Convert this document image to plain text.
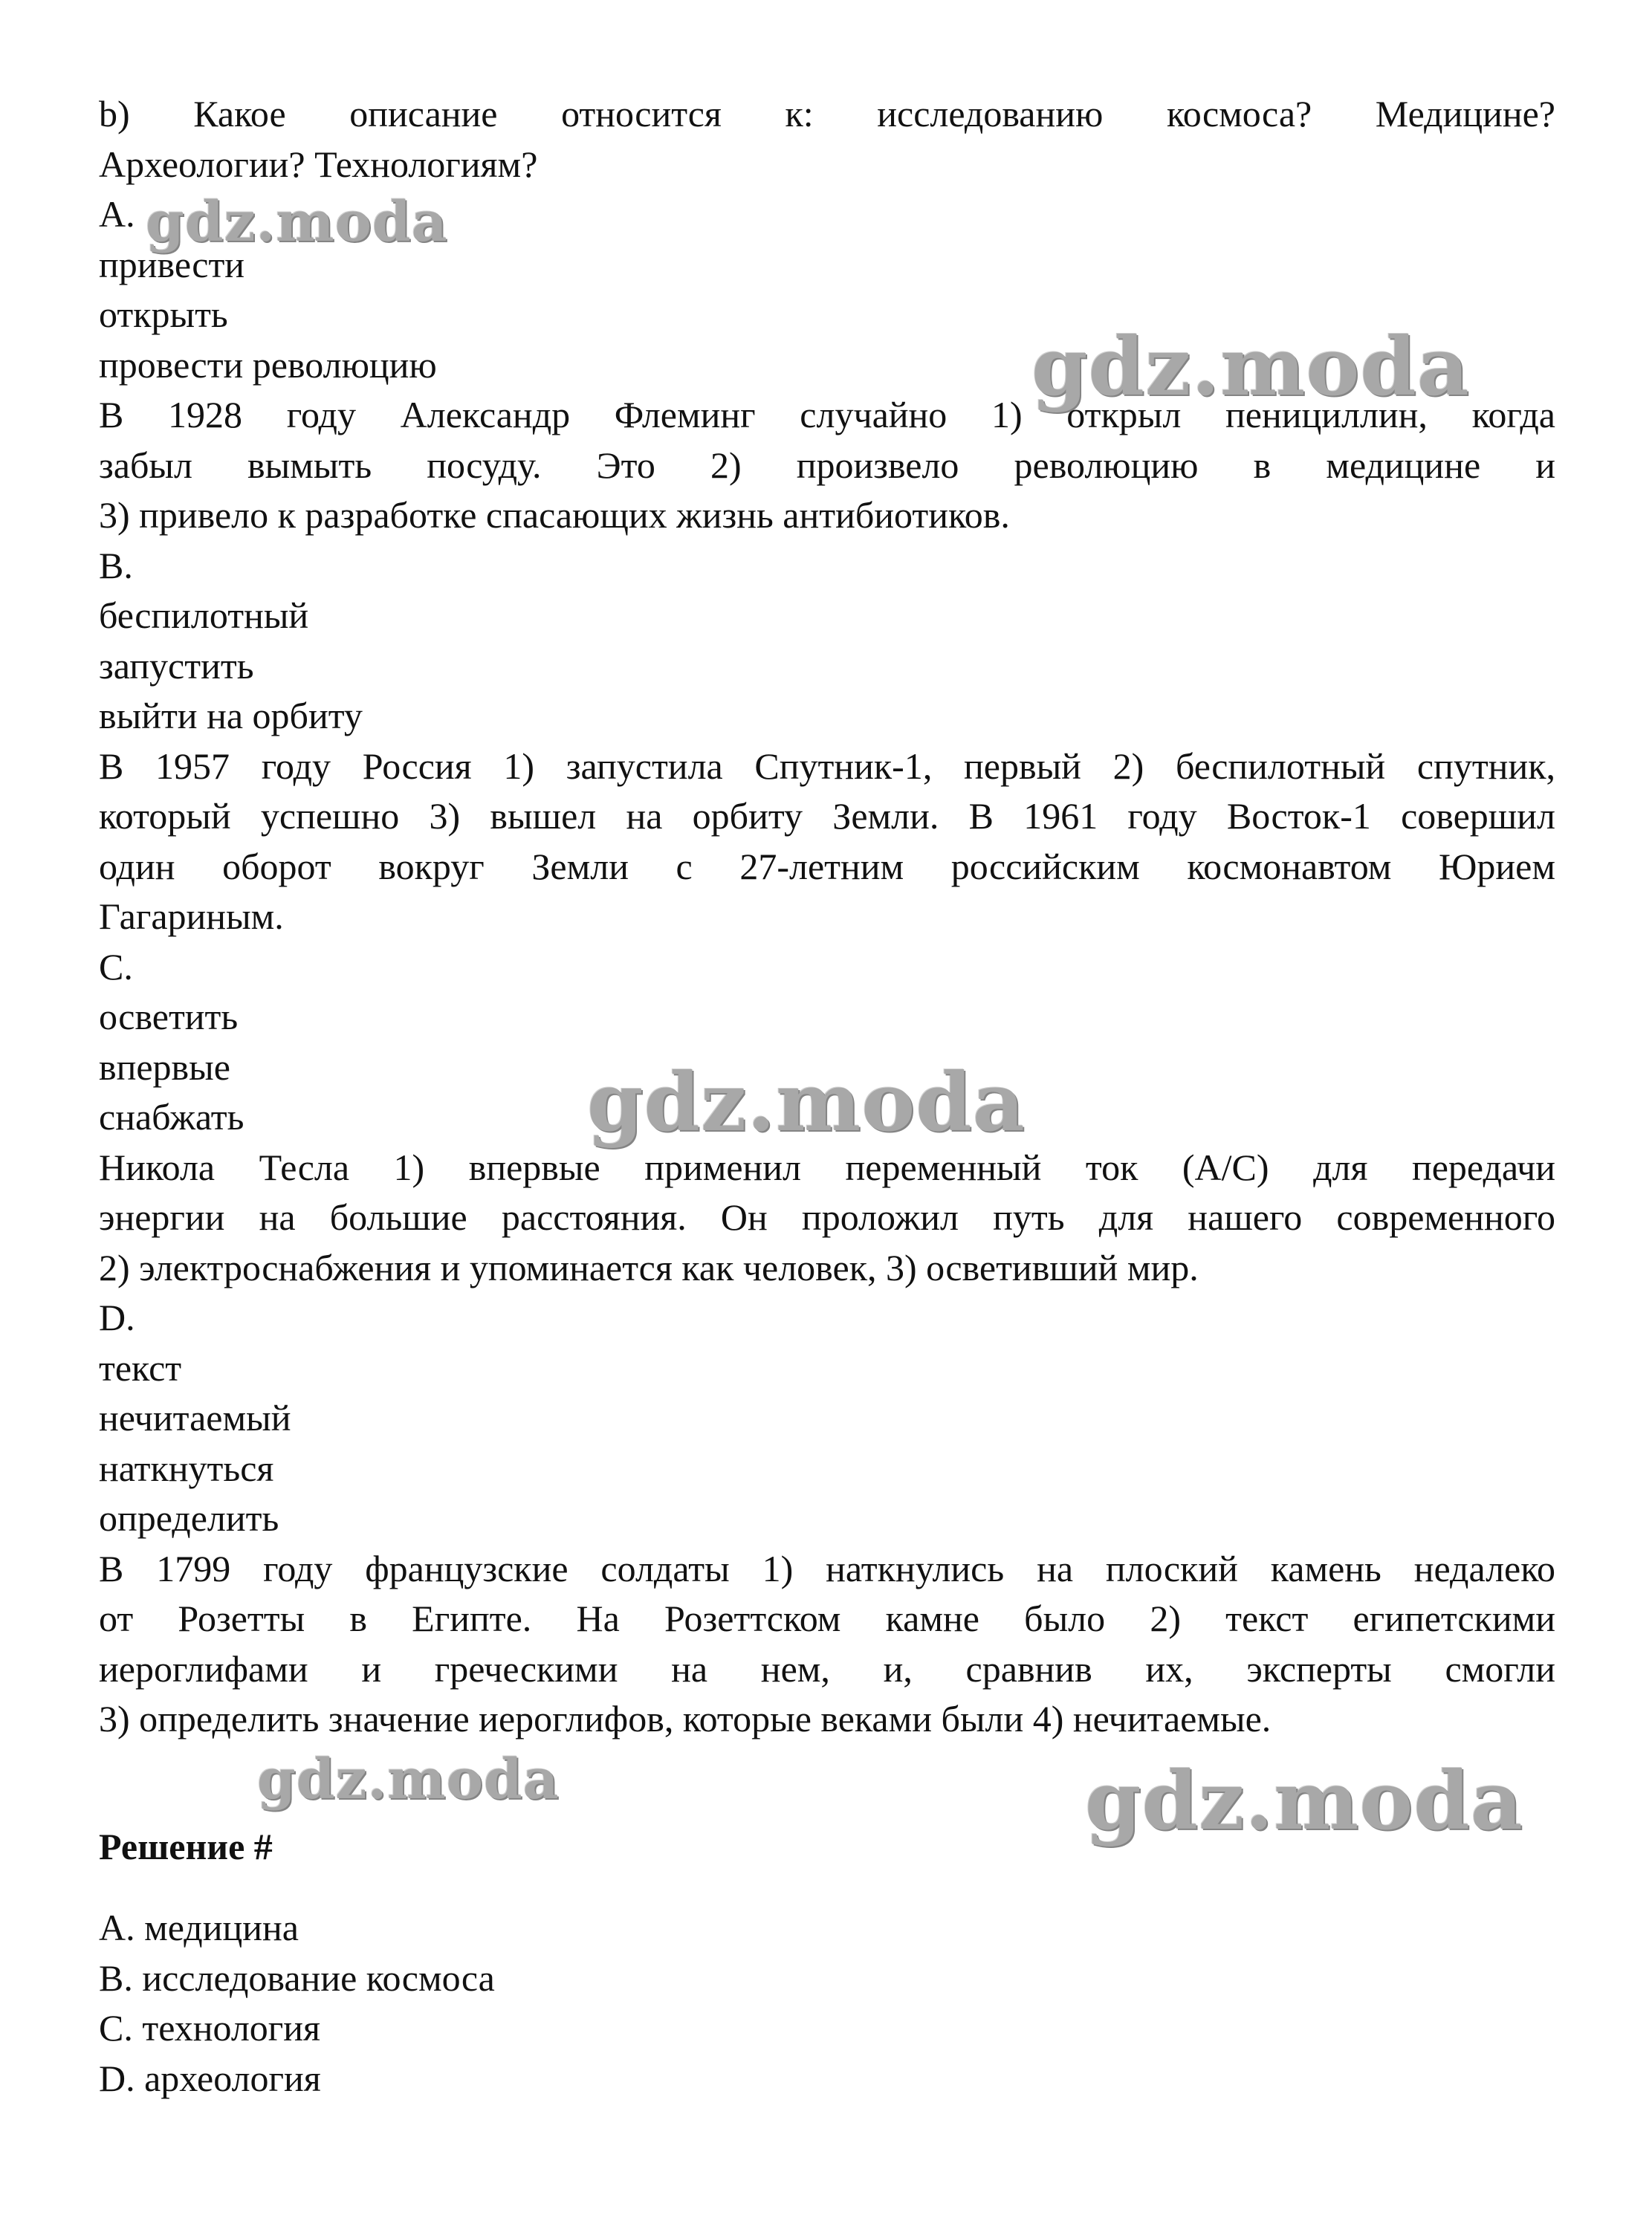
b) Какое описание относится к: исследованию космоса? Медицине?
Археологии? Технологиям?
A.
привести
открыть
провести революцию
В 1928 году Александр Флеминг случайно 1) открыл пенициллин, когда
забыл вымыть посуду. Это 2) произвело революцию в медицине и
3) привело к разработке спасающих жизнь антибиотиков.
B.
беспилотный
запустить
выйти на орбиту
В 1957 году Россия 1) запустила Спутник-1, первый 2) беспилотный спутник,
который успешно 3) вышел на орбиту Земли. В 1961 году Восток-1 совершил
один оборот вокруг Земли с 27-летним российским космонавтом Юрием
Гагариным.
C.
осветить
впервые
снабжать
Никола Тесла 1) впервые применил переменный ток (A/C) для передачи
энергии на большие расстояния. Он проложил путь для нашего современного
2) электроснабжения и упоминается как человек, 3) осветивший мир.
D.
текст
нечитаемый
наткнуться
определить
В 1799 году французские солдаты 1) наткнулись на плоский камень недалеко
от Розетты в Египте. На Розеттском камне было 2) текст египетскими
иероглифами и греческими на нем, и, сравнив их, эксперты смогли
3) определить значение иероглифов, которые веками были 4) нечитаемые.
Решение #
A. медицина
B. исследование космоса
C. технология
D. археология
gdz.moda
gdz.moda
gdz.moda
gdz.moda	gdz.moda
